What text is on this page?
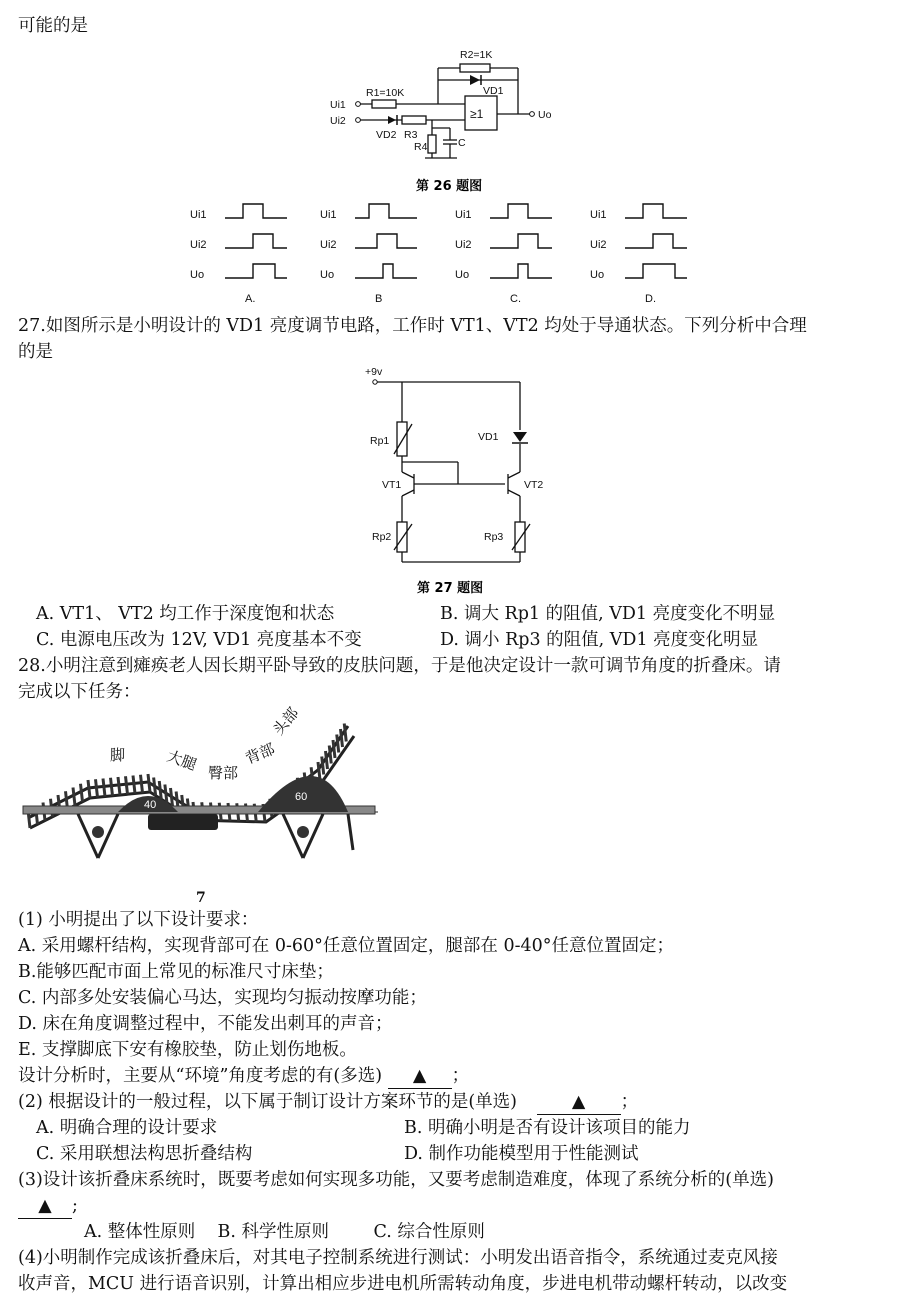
可能的是
R2=1K
VD1
R1=10K
Ui1
Ui2
VD2 R3
R4	C
≥1	Uo
第 26 题图
Ui1
Ui2
Uo
A.
Ui1
Ui2
Uo
B
Ui1
Ui2
Uo
C.
Ui1
Ui2
Uo
D.
27.如图所示是小明设计的 VD1 亮度调节电路，工作时 VT1、VT2 均处于导通状态。下列分析中合理
的是
+9v
Rp1	VD1
VT1	VT2
Rp2	Rp3
第 27 题图
A. VT1、 VT2 均工作于深度饱和状态	B. 调大 Rp1 的阻值, VD1 亮度变化不明显
C. 电源电压改为 12V, VD1 亮度基本不变	D. 调小 Rp3 的阻值, VD1 亮度变化明显
28.小明注意到瘫痪老人因长期平卧导致的皮肤问题，于是他决定设计一款可调节角度的折叠床。请
完成以下任务：
脚	大腿 臀部
背部
头部
40
60
7
(1) 小明提出了以下设计要求：
A. 采用螺杆结构，实现背部可在 0-60°任意位置固定，腿部在 0-40°任意位置固定；
B.能够匹配市面上常见的标准尺寸床垫；
C. 内部多处安装偏心马达，实现均匀振动按摩功能；
D. 床在角度调整过程中，不能发出刺耳的声音；
E. 支撑脚底下安有橡胶垫，防止划伤地板。
设计分析时，主要从“环境”角度考虑的有(多选) ▲ ；
(2) 根据设计的一般过程，以下属于制订设计方案环节的是(单选)	▲ ；
A. 明确合理的设计要求	B. 明确小明是否有设计该项目的能力
C. 采用联想法构思折叠结构	D. 制作功能模型用于性能测试
(3)设计该折叠床系统时，既要考虑如何实现多功能，又要考虑制造难度，体现了系统分析的(单选)
▲ ;
A. 整体性原则    B. 科学性原则        C. 综合性原则
(4)小明制作完成该折叠床后，对其电子控制系统进行测试：小明发出语音指令，系统通过麦克风接
收声音，MCU 进行语音识别，计算出相应步进电机所需转动角度，步进电机带动螺杆转动，以改变
